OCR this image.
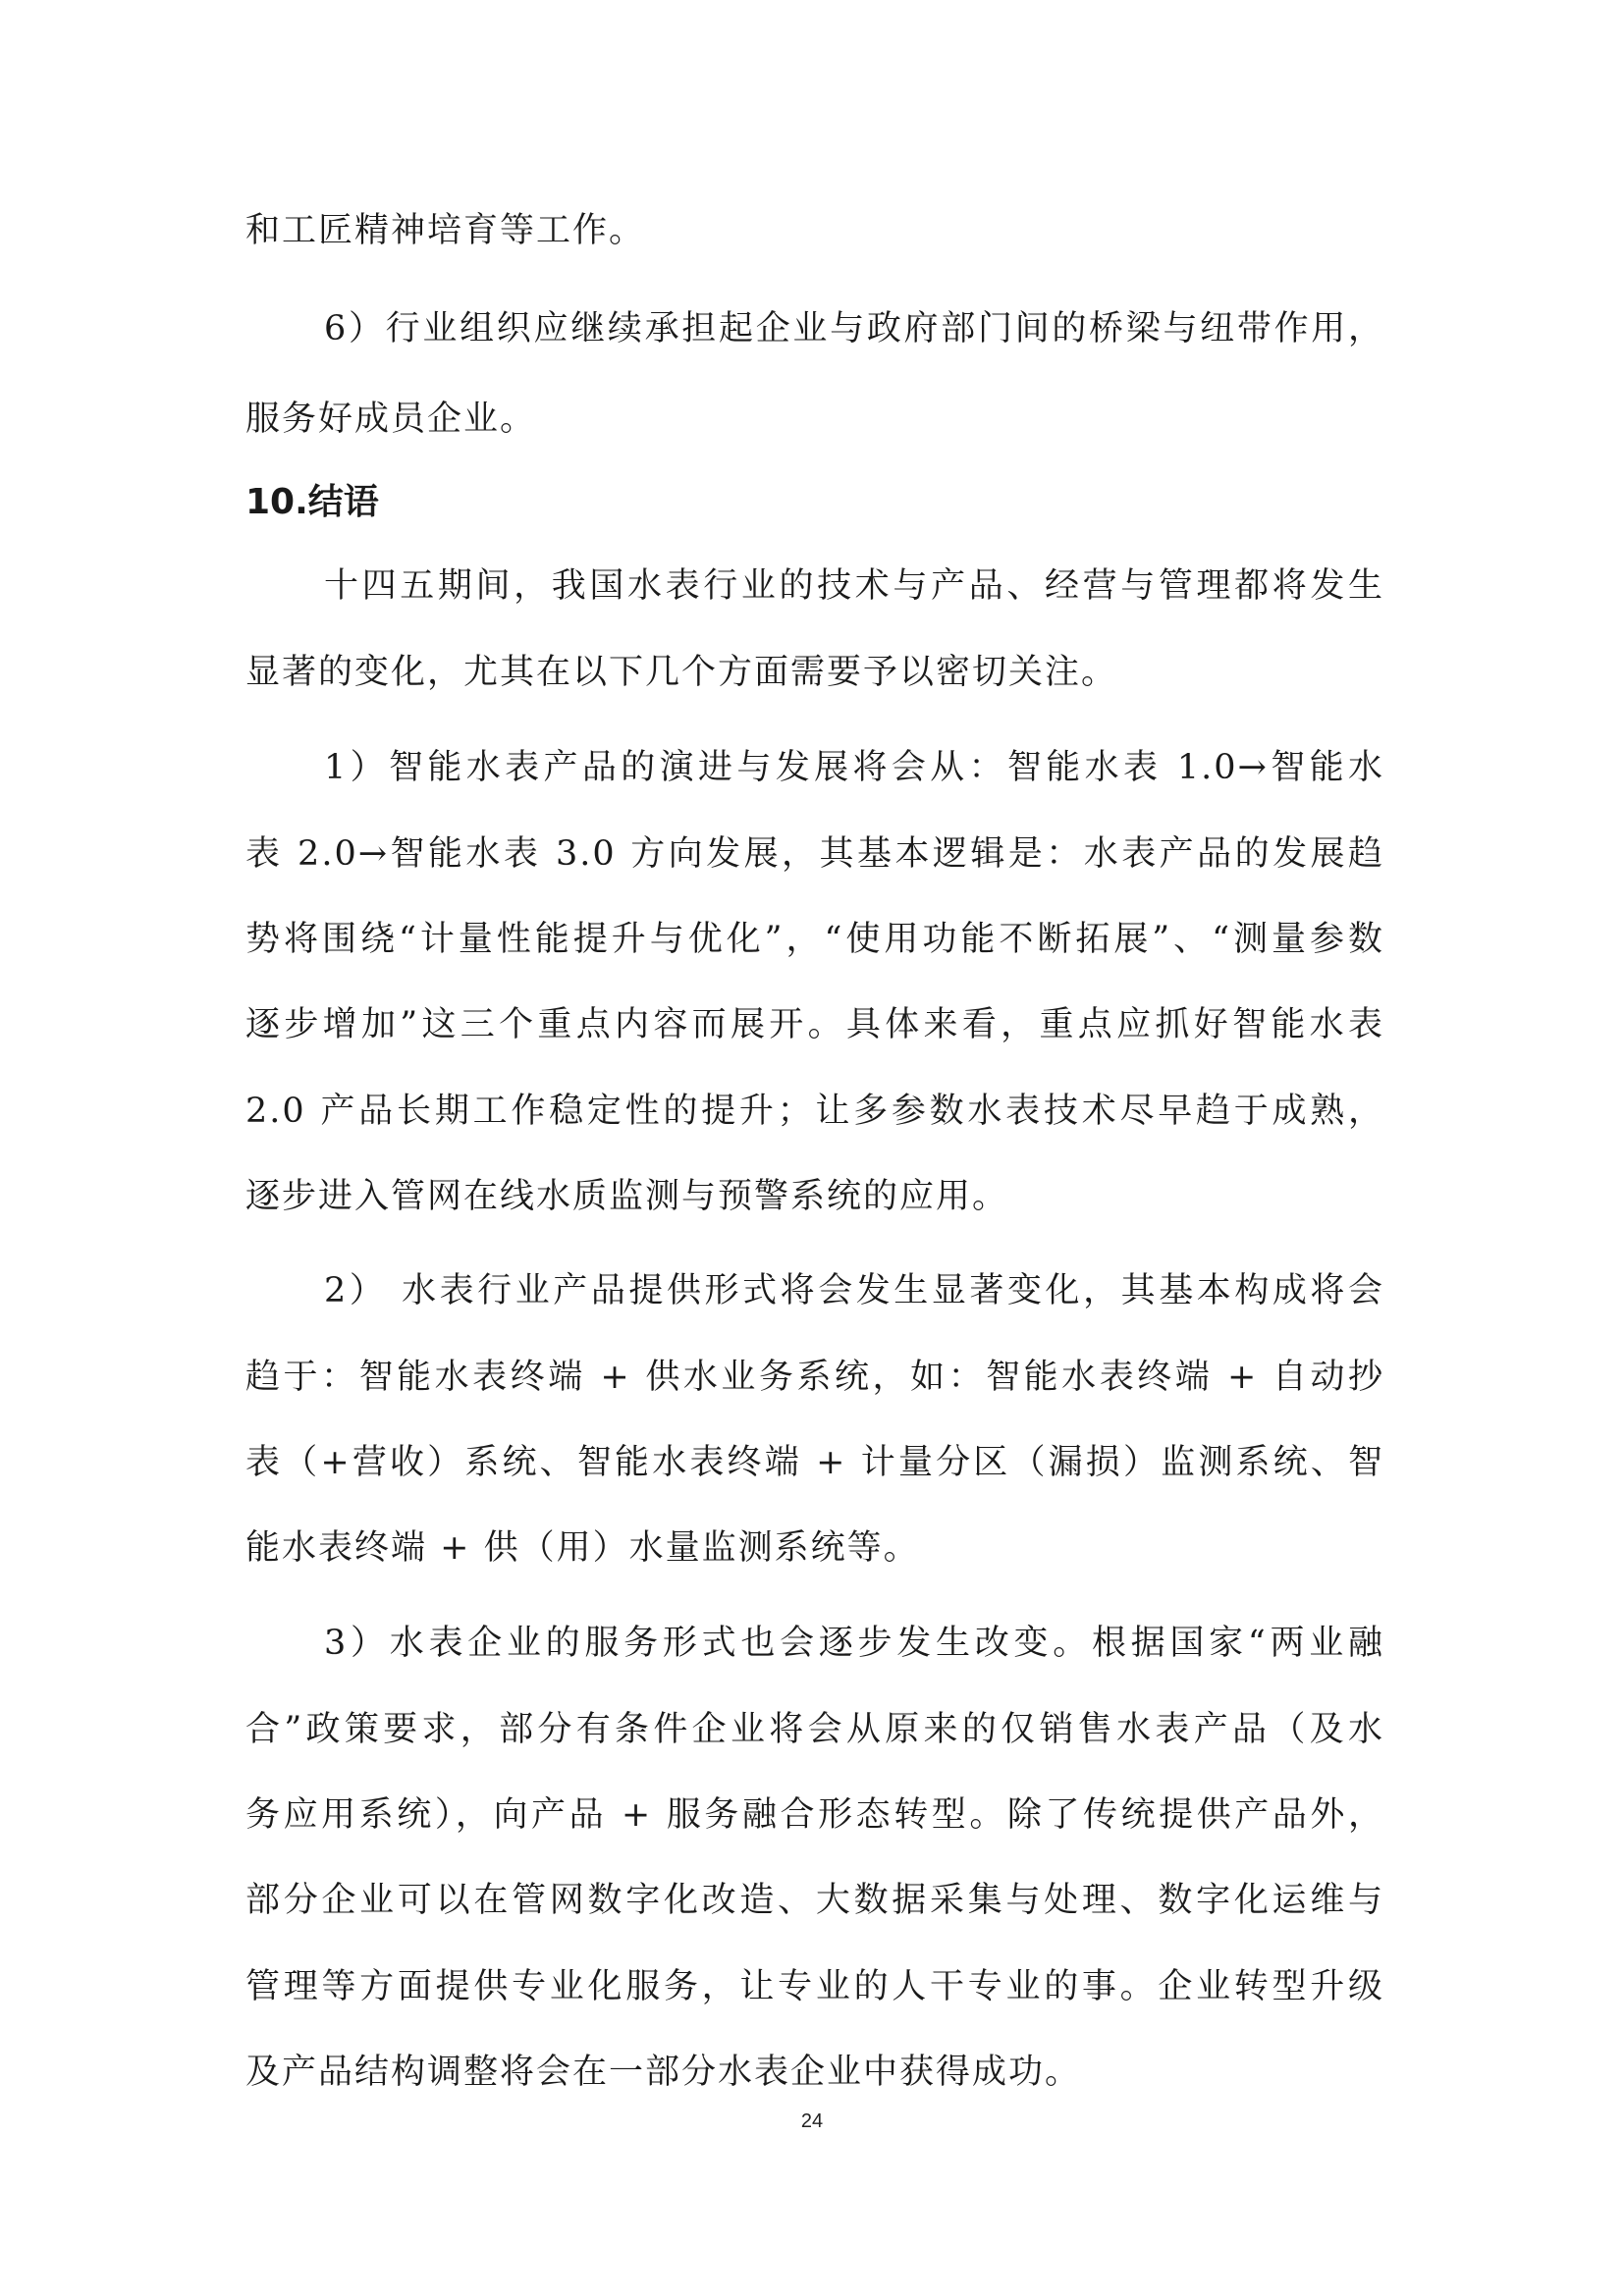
和工匠精神培育等工作。
6）行业组织应继续承担起企业与政府部门间的桥梁与纽带作用，
服务好成员企业。
10.结语
十四五期间，我国水表行业的技术与产品、经营与管理都将发生
显著的变化，尤其在以下几个方面需要予以密切关注。
1）智能水表产品的演进与发展将会从：智能水表 1.0→智能水
表 2.0→智能水表 3.0 方向发展，其基本逻辑是：水表产品的发展趋
势将围绕“计量性能提升与优化”，“使用功能不断拓展”、“测量参数
逐步增加”这三个重点内容而展开。具体来看，重点应抓好智能水表
2.0 产品长期工作稳定性的提升；让多参数水表技术尽早趋于成熟，
逐步进入管网在线水质监测与预警系统的应用。
2） 水表行业产品提供形式将会发生显著变化，其基本构成将会
趋于：智能水表终端 + 供水业务系统，如：智能水表终端 + 自动抄
表（+营收）系统、智能水表终端 + 计量分区（漏损）监测系统、智
能水表终端 + 供（用）水量监测系统等。
3）水表企业的服务形式也会逐步发生改变。根据国家“两业融
合”政策要求，部分有条件企业将会从原来的仅销售水表产品（及水
务应用系统），向产品 + 服务融合形态转型。除了传统提供产品外，
部分企业可以在管网数字化改造、大数据采集与处理、数字化运维与
管理等方面提供专业化服务，让专业的人干专业的事。企业转型升级
及产品结构调整将会在一部分水表企业中获得成功。
24
